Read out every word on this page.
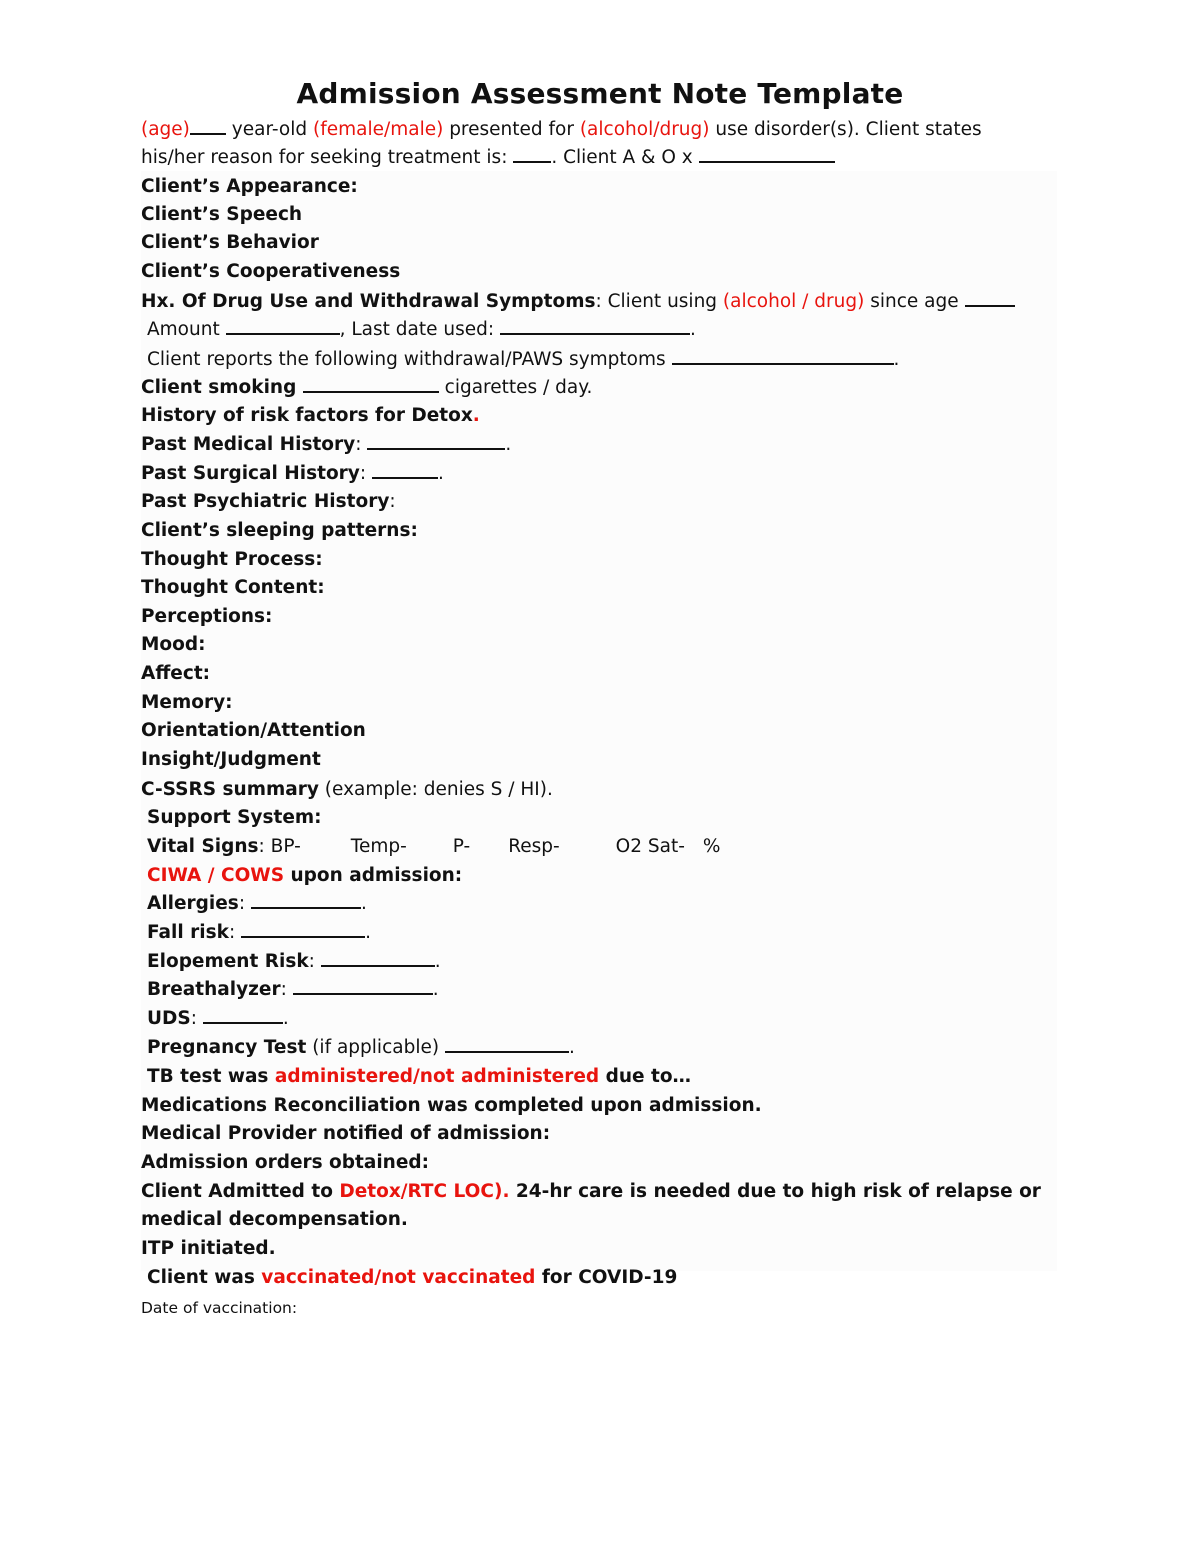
Admission Assessment Note Template
(age) year-old (female/male) presented for (alcohol/drug) use disorder(s). Client states
his/her reason for seeking treatment is: . Client A & O x
Client’s Appearance:
Client’s Speech
Client’s Behavior
Client’s Cooperativeness
Hx. Of Drug Use and Withdrawal Symptoms: Client using (alcohol / drug) since age
Amount	, Last date used:	.
Client reports the following withdrawal/PAWS symptoms	.
Client smoking	cigarettes / day.
History of risk factors for Detox.
Past Medical History:	.
Past Surgical History:	.
Past Psychiatric History:
Client’s sleeping patterns:
Thought Process:
Thought Content:
Perceptions:
Mood:
Affect:
Memory:
Orientation/Attention
Insight/Judgment
C-SSRS summary (example: denies S / HI).
Support System:
Vital Signs: BP-	Temp- P- Resp-	O2 Sat- %
CIWA / COWS upon admission:
Allergies:	.
Fall risk:	.
Elopement Risk:	.
Breathalyzer:	.
UDS:	.
Pregnancy Test (if applicable)	.
TB test was administered/not administered due to…
Medications Reconciliation was completed upon admission.
Medical Provider notified of admission:
Admission orders obtained:
Client Admitted to Detox/RTC LOC). 24-hr care is needed due to high risk of relapse or
medical decompensation.
ITP initiated.
Client was vaccinated/not vaccinated for COVID-19
Date of vaccination:
